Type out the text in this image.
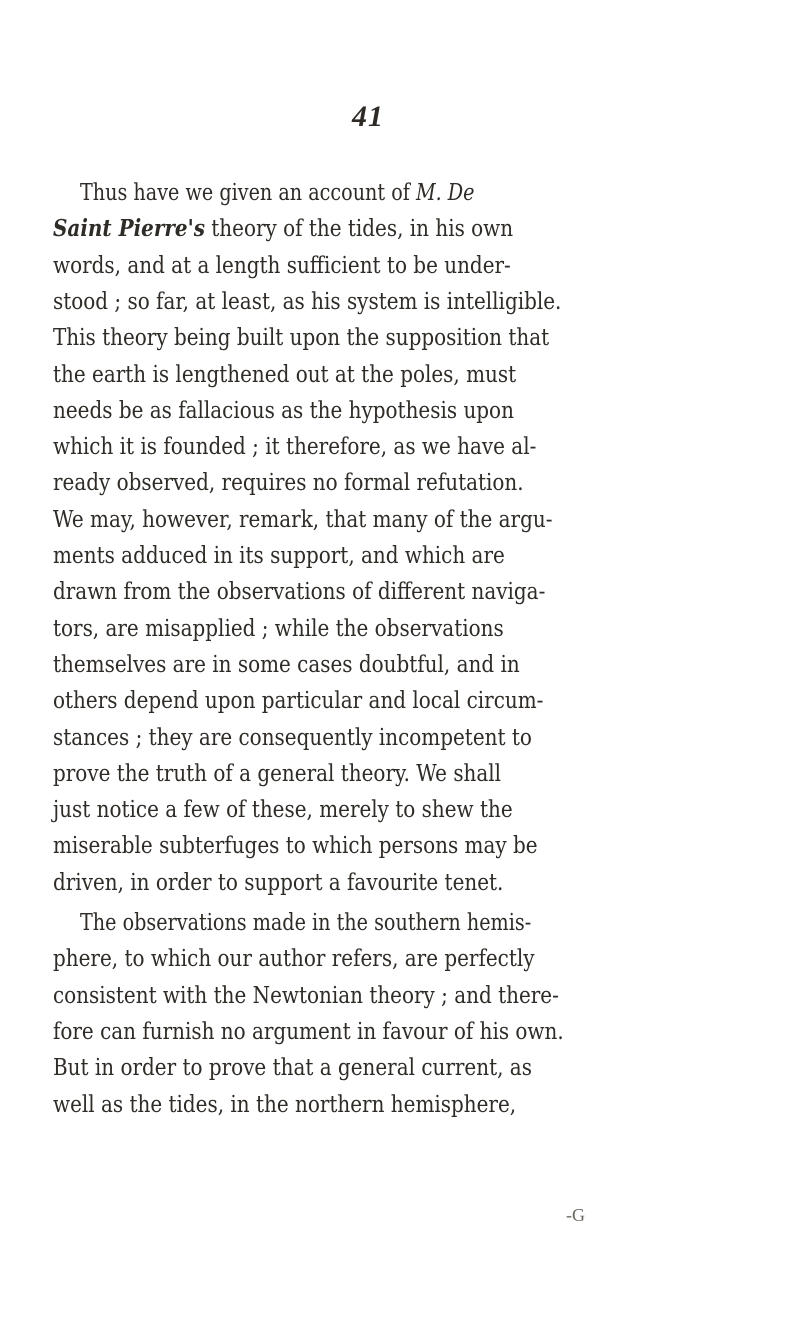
41
Thus have we given an account of M. De
Saint Pierre's theory of the tides, in his own
words, and at a length sufficient to be under-
stood ; so far, at least, as his system is intelligible.
This theory being built upon the supposition that
the earth is lengthened out at the poles, must
needs be as fallacious as the hypothesis upon
which it is founded ; it therefore, as we have al-
ready observed, requires no formal refutation.
We may, however, remark, that many of the argu-
ments adduced in its support, and which are
drawn from the observations of different naviga-
tors, are misapplied ; while the observations
themselves are in some cases doubtful, and in
others depend upon particular and local circum-
stances ; they are consequently incompetent to
prove the truth of a general theory. We shall
just notice a few of these, merely to shew the
miserable subterfuges to which persons may be
driven, in order to support a favourite tenet.
The observations made in the southern hemis-
phere, to which our author refers, are perfectly
consistent with the Newtonian theory ; and there-
fore can furnish no argument in favour of his own.
But in order to prove that a general current, as
well as the tides, in the northern hemisphere,
-G
